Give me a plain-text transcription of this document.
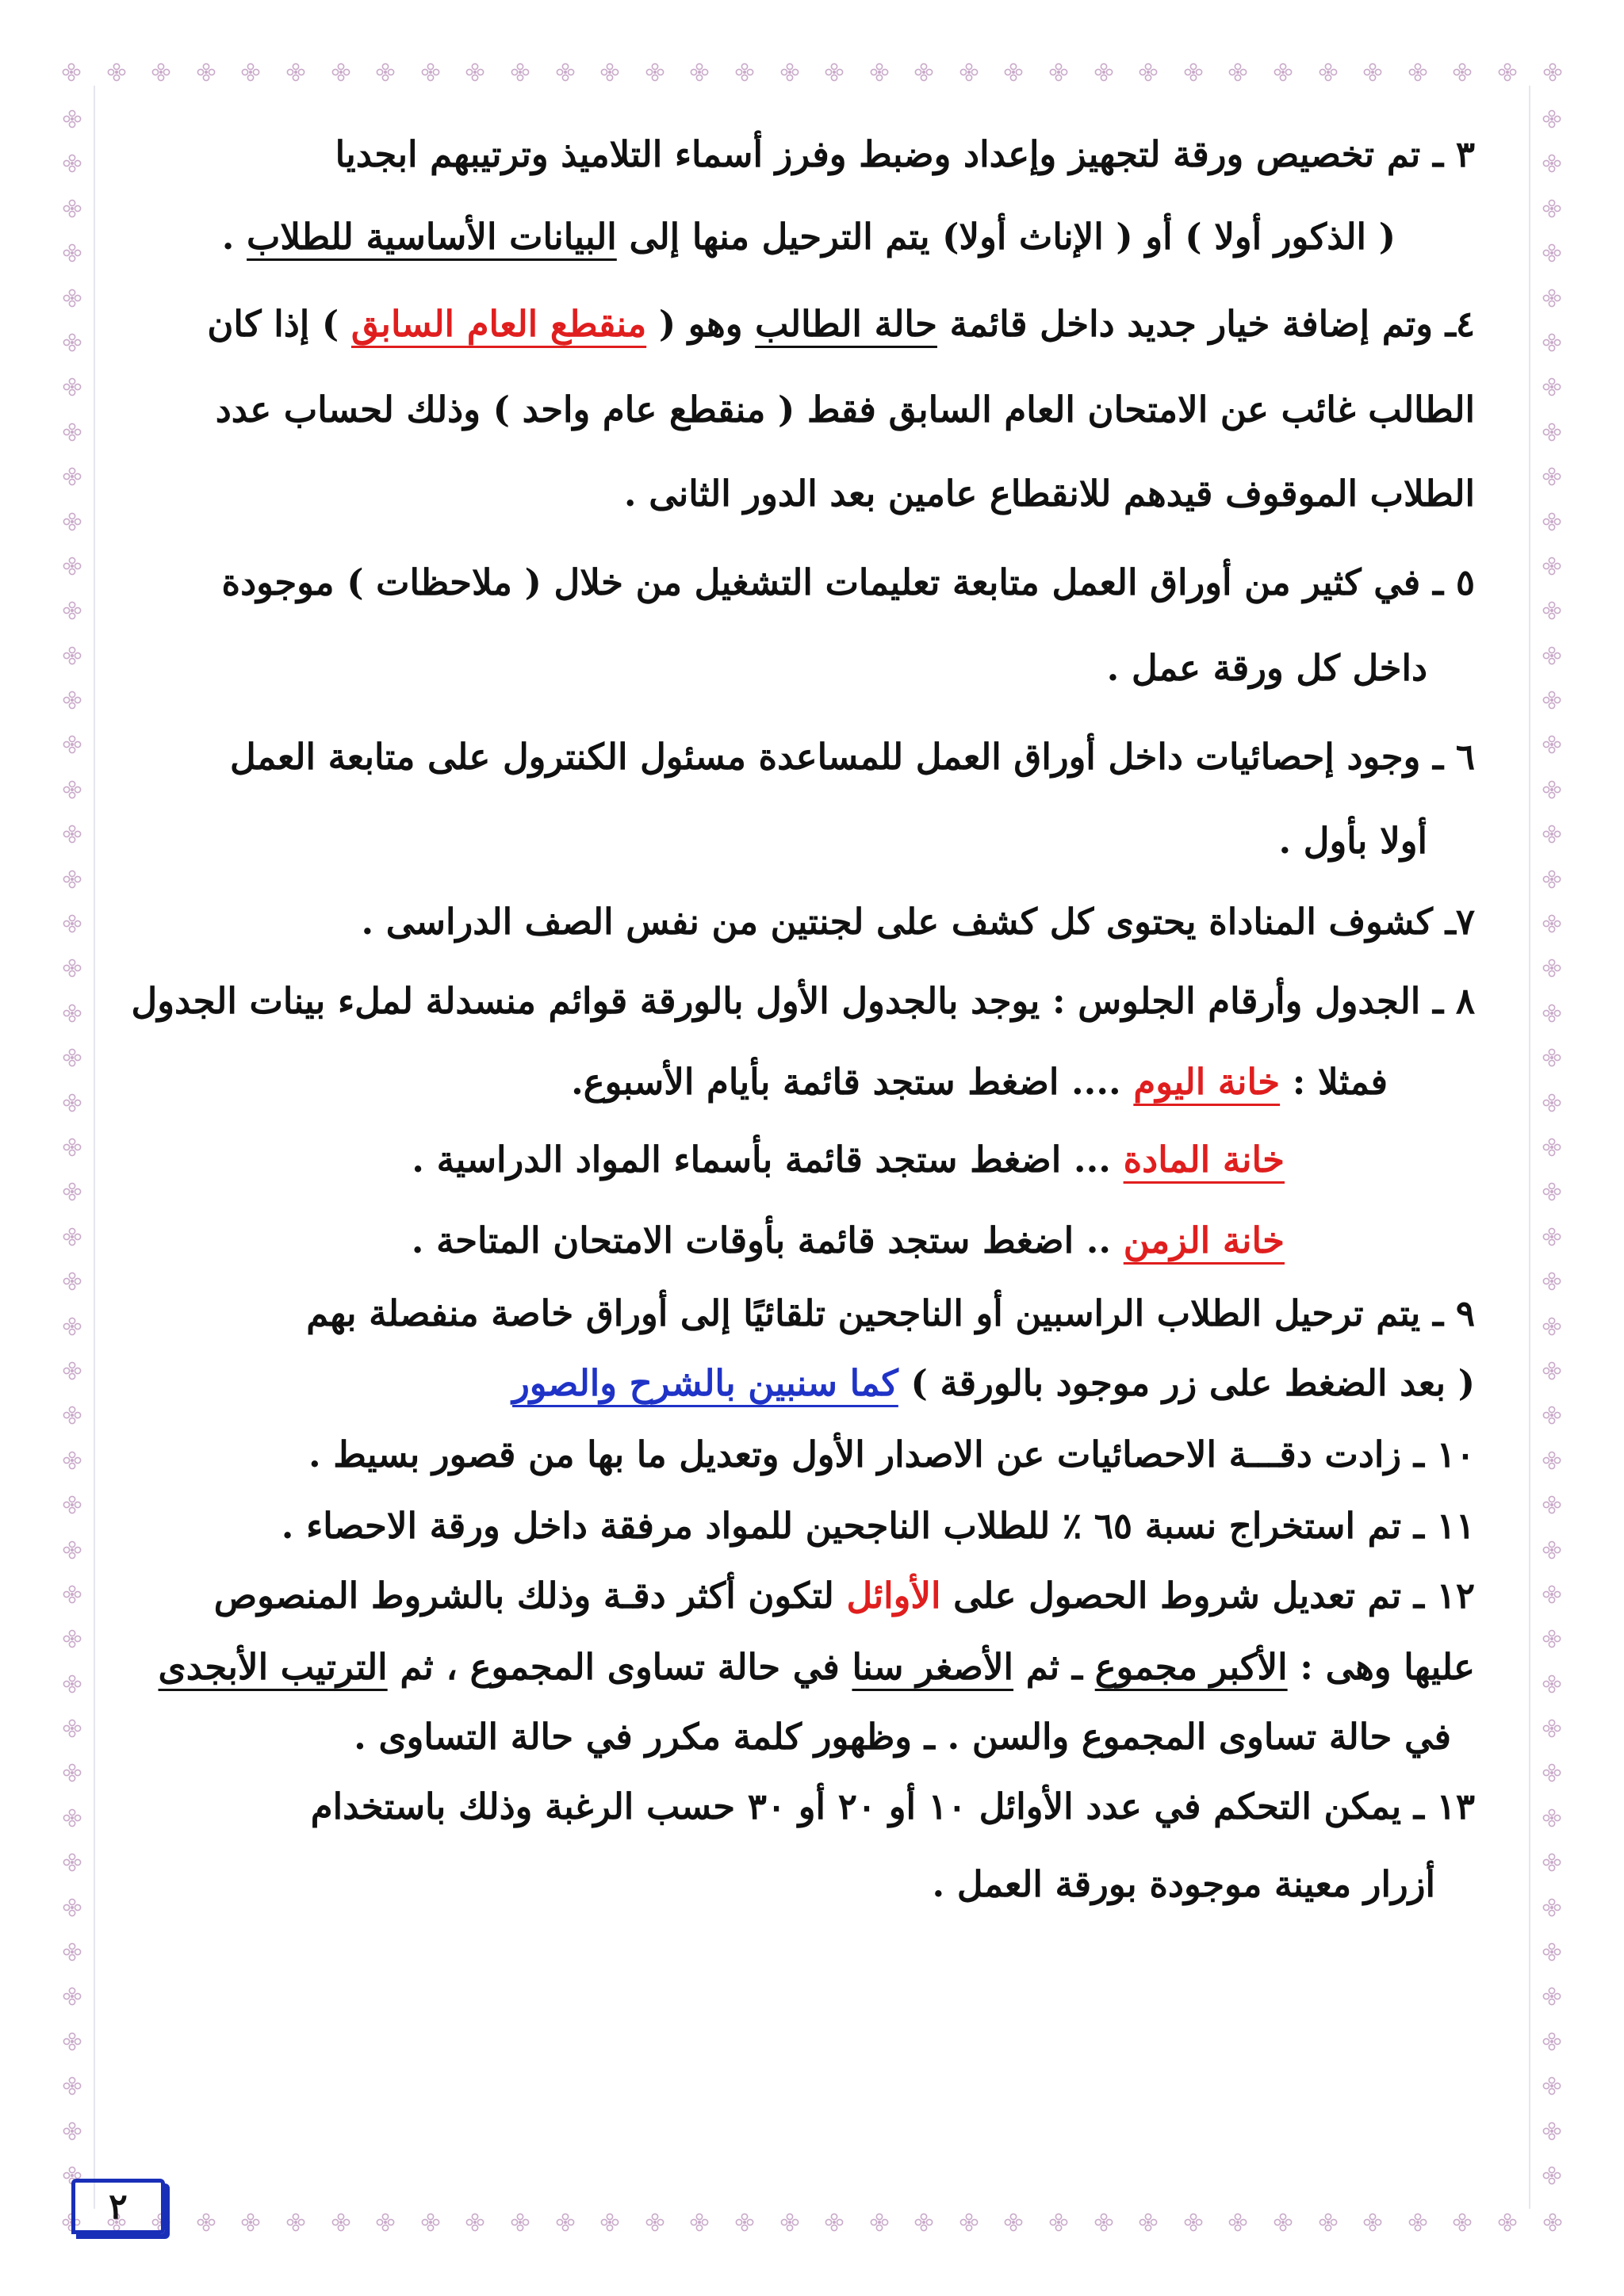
٣ ـ تم تخصيص ورقة لتجهيز وإعداد وضبط وفرز أسماء التلاميذ وترتيبهم ابجديا
( الذكور أولا ) أو ( الإناث أولا) يتم الترحيل منها إلى البيانات الأساسية للطلاب .
٤ـ وتم إضافة خيار جديد داخل قائمة حالة الطالب وهو ( منقطع العام السابق ) إذا كان
الطالب غائب عن الامتحان العام السابق فقط ( منقطع عام واحد ) وذلك لحساب عدد
الطلاب الموقوف قيدهم للانقطاع عامين بعد الدور الثانى .
٥ ـ في كثير من أوراق العمل متابعة تعليمات التشغيل من خلال ( ملاحظات ) موجودة
داخل كل ورقة عمل .
٦ ـ وجود إحصائيات داخل أوراق العمل للمساعدة مسئول الكنترول على متابعة العمل
أولا بأول .
٧ـ كشوف المناداة يحتوى كل كشف على لجنتين من نفس الصف الدراسى .
٨ ـ الجدول وأرقام الجلوس : يوجد بالجدول الأول بالورقة قوائم منسدلة لملء بينات الجدول
فمثلا : خانة اليوم .... اضغط ستجد قائمة بأيام الأسبوع.
خانة المادة ... اضغط ستجد قائمة بأسماء المواد الدراسية .
خانة الزمن .. اضغط ستجد قائمة بأوقات الامتحان المتاحة .
٩ ـ يتم ترحيل الطلاب الراسبين أو الناجحين تلقائيًا إلى أوراق خاصة منفصلة بهم
( بعد الضغط على زر موجود بالورقة ) كما سنبين بالشرح والصور
١٠ ـ زادت دقـــة الاحصائيات عن الاصدار الأول وتعديل ما بها من قصور بسيط .
١١ ـ تم استخراج نسبة ٦٥ ٪ للطلاب الناجحين للمواد مرفقة داخل ورقة الاحصاء .
١٢ ـ تم تعديل شروط الحصول على الأوائل لتكون أكثر دقـة وذلك بالشروط المنصوص
عليها وهى : الأكبر مجموع ـ ثم الأصغر سنا في حالة تساوى المجموع ، ثم الترتيب الأبجدى
في حالة تساوى المجموع والسن . ـ وظهور كلمة مكرر في حالة التساوى .
١٣ ـ يمكن التحكم في عدد الأوائل ١٠ أو ٢٠ أو ٣٠ حسب الرغبة وذلك باستخدام
أزرار معينة موجودة بورقة العمل .
٢
